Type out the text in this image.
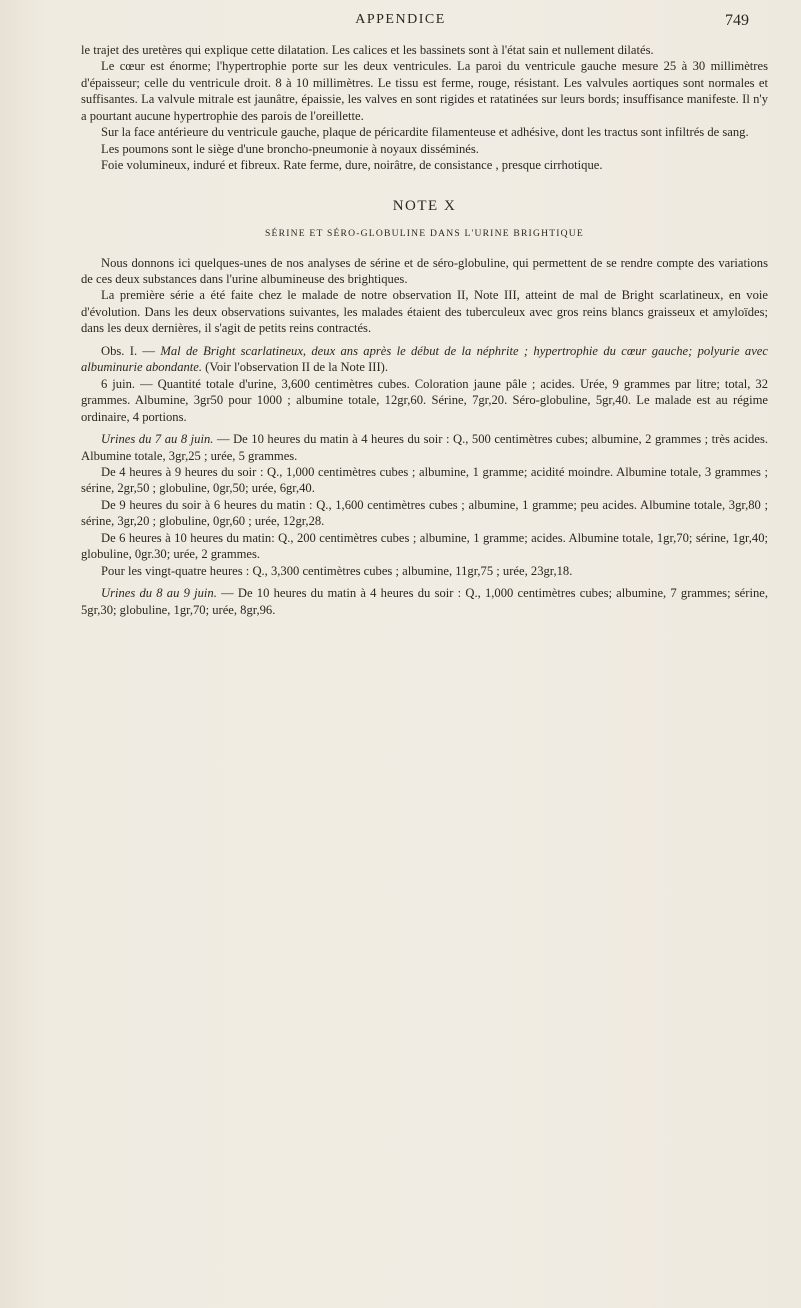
APPENDICE	749

le trajet des uretères qui explique cette dilatation. Les calices et les bassinets sont à l'état sain et nullement dilatés.

Le cœur est énorme; l'hypertrophie porte sur les deux ventricules. La paroi du ventricule gauche mesure 25 à 30 millimètres d'épaisseur; celle du ventricule droit. 8 à 10 millimètres. Le tissu est ferme, rouge, résistant. Les valvules aortiques sont normales et suffisantes. La valvule mitrale est jaunâtre, épaissie, les valves en sont rigides et ratatinées sur leurs bords; insuffisance manifeste. Il n'y a pourtant aucune hypertrophie des parois de l'oreillette.

Sur la face antérieure du ventricule gauche, plaque de péricardite filamenteuse et adhésive, dont les tractus sont infiltrés de sang.

Les poumons sont le siège d'une broncho-pneumonie à noyaux disséminés.

Foie volumineux, induré et fibreux. Rate ferme, dure, noirâtre, de consistance , presque cirrhotique.

NOTE X

SÉRINE ET SÉRO-GLOBULINE DANS L'URINE BRIGHTIQUE

Nous donnons ici quelques-unes de nos analyses de sérine et de séro-globuline, qui permettent de se rendre compte des variations de ces deux substances dans l'urine albumineuse des brightiques.

La première série a été faite chez le malade de notre observation II, Note III, atteint de mal de Bright scarlatineux, en voie d'évolution. Dans les deux observations suivantes, les malades étaient des tuberculeux avec gros reins blancs graisseux et amyloïdes; dans les deux dernières, il s'agit de petits reins contractés.

Obs. I. — Mal de Bright scarlatineux, deux ans après le début de la néphrite ; hypertrophie du cœur gauche; polyurie avec albuminurie abondante. (Voir l'observation II de la Note III).

6 juin. — Quantité totale d'urine, 3,600 centimètres cubes. Coloration jaune pâle ; acides. Urée, 9 grammes par litre; total, 32 grammes. Albumine, 3gr50 pour 1000 ; albumine totale, 12gr,60. Sérine, 7gr,20. Séro-globuline, 5gr,40. Le malade est au régime ordinaire, 4 portions.

Urines du 7 au 8 juin. — De 10 heures du matin à 4 heures du soir : Q., 500 centimètres cubes; albumine, 2 grammes ; très acides. Albumine totale, 3gr,25 ; urée, 5 grammes.

De 4 heures à 9 heures du soir : Q., 1,000 centimètres cubes ; albumine, 1 gramme; acidité moindre. Albumine totale, 3 grammes ; sérine, 2gr,50 ; globuline, 0gr,50; urée, 6gr,40.

De 9 heures du soir à 6 heures du matin : Q., 1,600 centimètres cubes ; albumine, 1 gramme; peu acides. Albumine totale, 3gr,80 ; sérine, 3gr,20 ; globuline, 0gr,60 ; urée, 12gr,28.

De 6 heures à 10 heures du matin: Q., 200 centimètres cubes ; albumine, 1 gramme; acides. Albumine totale, 1gr,70; sérine, 1gr,40; globuline, 0gr.30; urée, 2 grammes.

Pour les vingt-quatre heures : Q., 3,300 centimètres cubes ; albumine, 11gr,75 ; urée, 23gr,18.

Urines du 8 au 9 juin. — De 10 heures du matin à 4 heures du soir : Q., 1,000 centimètres cubes; albumine, 7 grammes; sérine, 5gr,30; globuline, 1gr,70; urée, 8gr,96.
